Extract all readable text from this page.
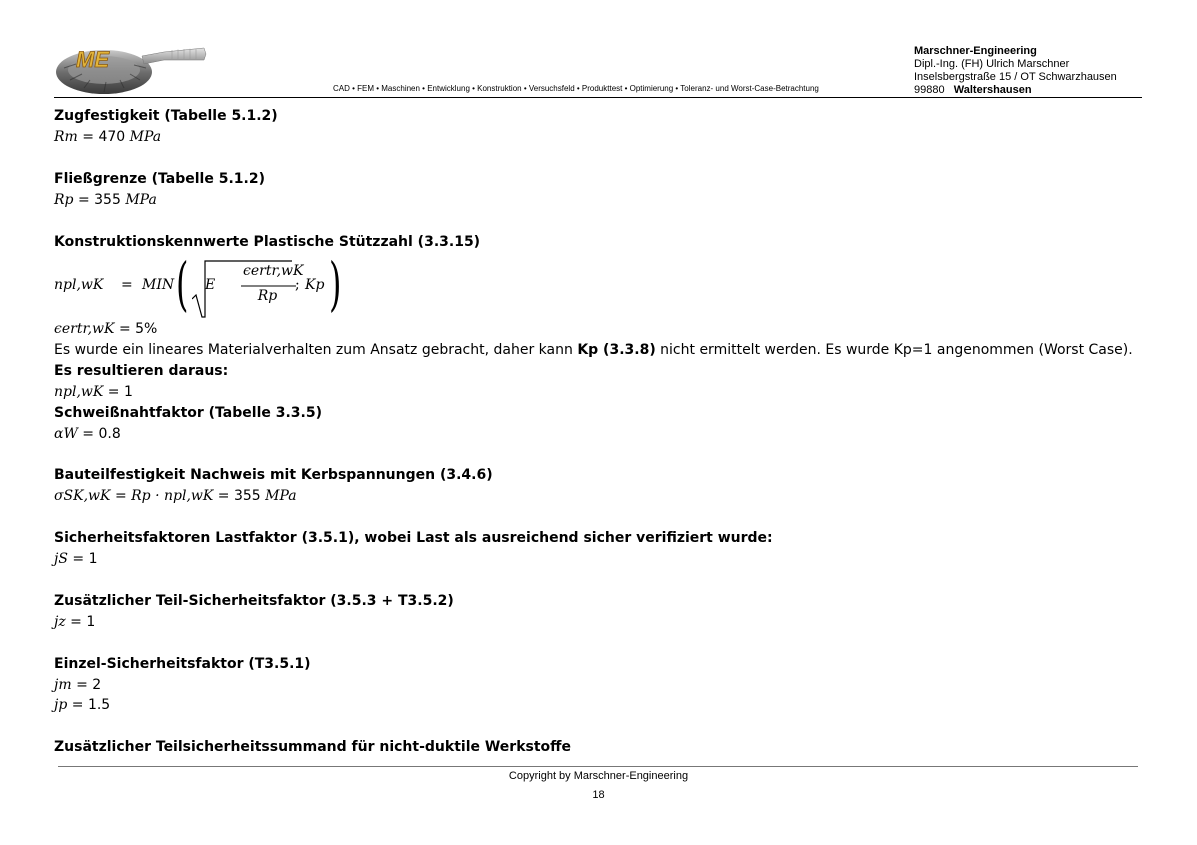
ME
CAD • FEM • Maschinen • Entwicklung • Konstruktion • Versuchsfeld • Produkttest • Optimierung • Toleranz- und Worst-Case-Betrachtung
Marschner-Engineering
Dipl.-Ing. (FH) Ulrich Marschner
Inselsbergstraße 15 / OT Schwarzhausen
99880 Waltershausen
Zugfestigkeit (Tabelle 5.1.2)
Rm = 470 MPa
Fließgrenze (Tabelle 5.1.2)
Rp = 355 MPa
Konstruktionskennwerte Plastische Stützzahl (3.3.15)
npl,wK = MIN ( E
ϵertr,wK
Rp
; Kp )
ϵertr,wK = 5%
Es wurde ein lineares Materialverhalten zum Ansatz gebracht, daher kann Kp (3.3.8) nicht ermittelt werden. Es wurde Kp=1 angenommen (Worst Case).
Es resultieren daraus:
npl,wK = 1
Schweißnahtfaktor (Tabelle 3.3.5)
αW = 0.8
Bauteilfestigkeit Nachweis mit Kerbspannungen (3.4.6)
σSK,wK = Rp · npl,wK = 355 MPa
Sicherheitsfaktoren Lastfaktor (3.5.1), wobei Last als ausreichend sicher verifiziert wurde:
jS = 1
Zusätzlicher Teil-Sicherheitsfaktor (3.5.3 + T3.5.2)
jz = 1
Einzel-Sicherheitsfaktor (T3.5.1)
jm = 2
jp = 1.5
Zusätzlicher Teilsicherheitssummand für nicht-duktile Werkstoffe
Copyright by Marschner-Engineering
18
